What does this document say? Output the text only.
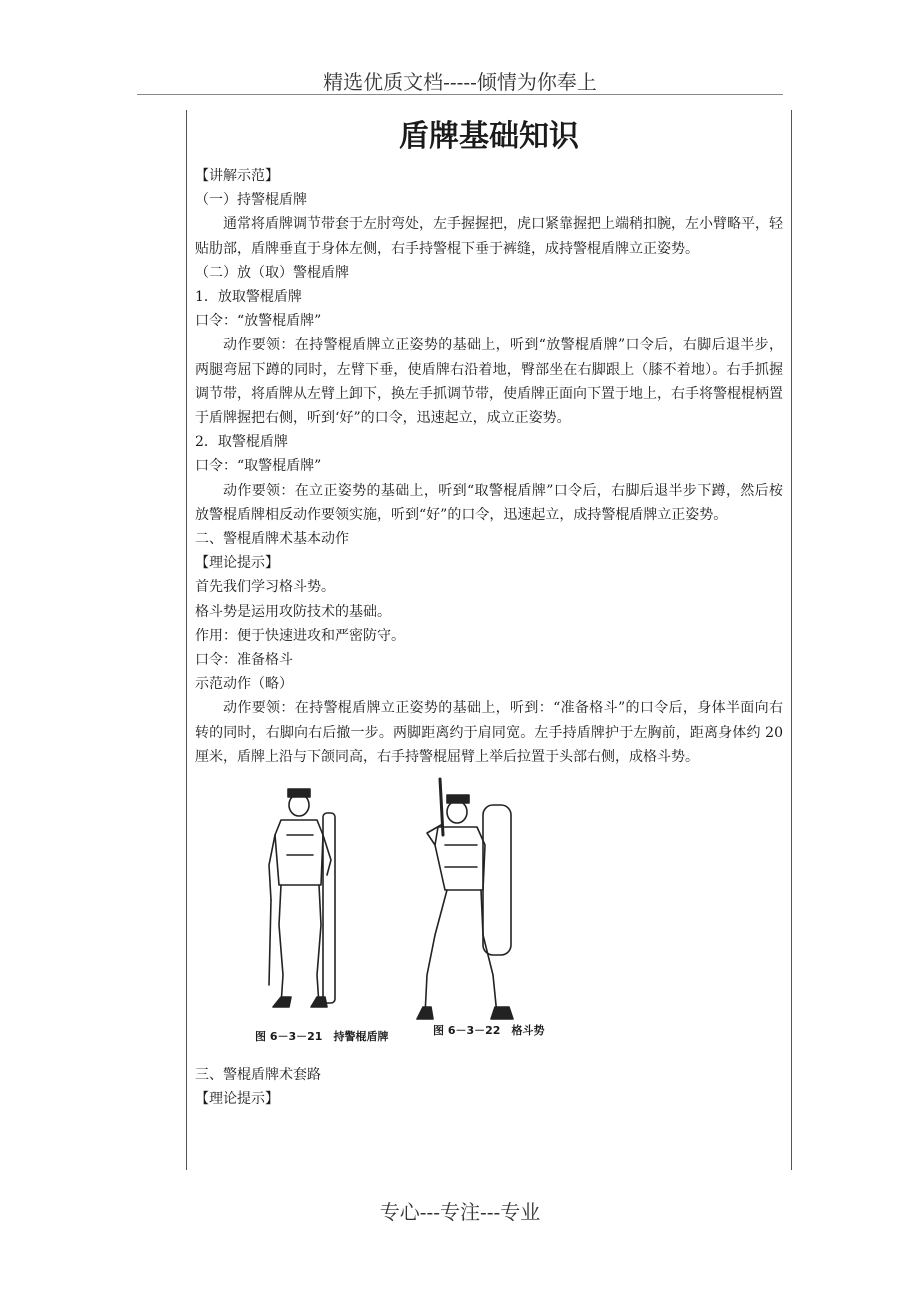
精选优质文档-----倾情为你奉上
盾牌基础知识

【讲解示范】

（一）持警棍盾牌

通常将盾牌调节带套于左肘弯处，左手握握把，虎口紧靠握把上端稍扣腕，左小臂略平，轻贴肋部，盾牌垂直于身体左侧，右手持警棍下垂于裤缝，成持警棍盾牌立正姿势。

（二）放（取）警棍盾牌

1．放取警棍盾牌

口令：“放警棍盾牌”

动作要领：在持警棍盾牌立正姿势的基础上，听到“放警棍盾牌”口令后，右脚后退半步，两腿弯屈下蹲的同时，左臂下垂，使盾牌右沿着地，臀部坐在右脚跟上（膝不着地）。右手抓握调节带，将盾牌从左臂上卸下，换左手抓调节带，使盾牌正面向下置于地上，右手将警棍棍柄置于盾牌握把右侧，听到‘好”的口令，迅速起立，成立正姿势。

2．取警棍盾牌

口令：“取警棍盾牌”

动作要领：在立正姿势的基础上，听到“取警棍盾牌”口令后，右脚后退半步下蹲，然后桉放警棍盾牌相反动作要领实施，听到“好”的口令，迅速起立，成持警棍盾牌立正姿势。

二、警棍盾牌术基本动作

【理论提示】

首先我们学习格斗势。

格斗势是运用攻防技术的基础。

作用：便于快速进攻和严密防守。

口令：准备格斗

示范动作（略）

动作要领：在持警棍盾牌立正姿势的基础上，听到：“准备格斗”的口令后，身体半面向右转的同时，右脚向右后撤一步。两脚距离约于肩同宽。左手持盾牌护于左胸前，距离身体约 20 厘米，盾牌上沿与下颌同高，右手持警棍屈臂上举后拉置于头部右侧，成格斗势。

图 6－3－21　持警棍盾牌	图 6－3－22　格斗势

三、警棍盾牌术套路

【理论提示】

专心---专注---专业
